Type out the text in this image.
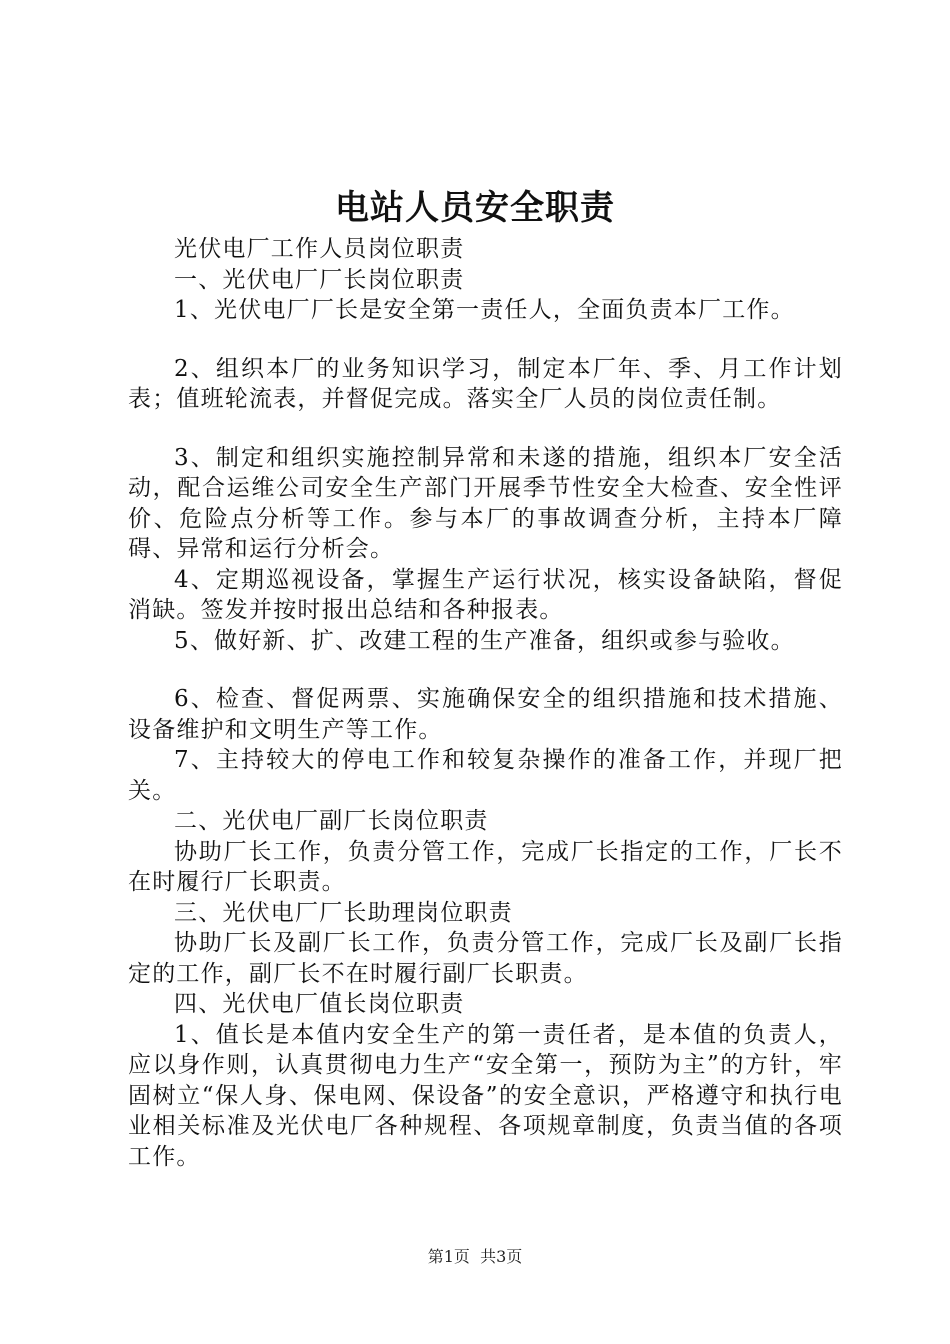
电站人员安全职责

光伏电厂工作人员岗位职责

一、光伏电厂厂长岗位职责

1、光伏电厂厂长是安全第一责任人，全面负责本厂工作。

2、组织本厂的业务知识学习，制定本厂年、季、月工作计划表；值班轮流表，并督促完成。落实全厂人员的岗位责任制。

3、制定和组织实施控制异常和未遂的措施，组织本厂安全活动，配合运维公司安全生产部门开展季节性安全大检查、安全性评价、危险点分析等工作。参与本厂的事故调查分析，主持本厂障碍、异常和运行分析会。

4、定期巡视设备，掌握生产运行状况，核实设备缺陷，督促消缺。签发并按时报出总结和各种报表。

5、做好新、扩、改建工程的生产准备，组织或参与验收。

6、检查、督促两票、实施确保安全的组织措施和技术措施、设备维护和文明生产等工作。

7、主持较大的停电工作和较复杂操作的准备工作，并现厂把关。

二、光伏电厂副厂长岗位职责

协助厂长工作，负责分管工作，完成厂长指定的工作，厂长不在时履行厂长职责。

三、光伏电厂厂长助理岗位职责

协助厂长及副厂长工作，负责分管工作，完成厂长及副厂长指定的工作，副厂长不在时履行副厂长职责。

四、光伏电厂值长岗位职责

1、值长是本值内安全生产的第一责任者，是本值的负责人，应以身作则，认真贯彻电力生产“安全第一，预防为主”的方针，牢固树立“保人身、保电网、保设备”的安全意识，严格遵守和执行电业相关标准及光伏电厂各种规程、各项规章制度，负责当值的各项工作。

第1页 共3页
